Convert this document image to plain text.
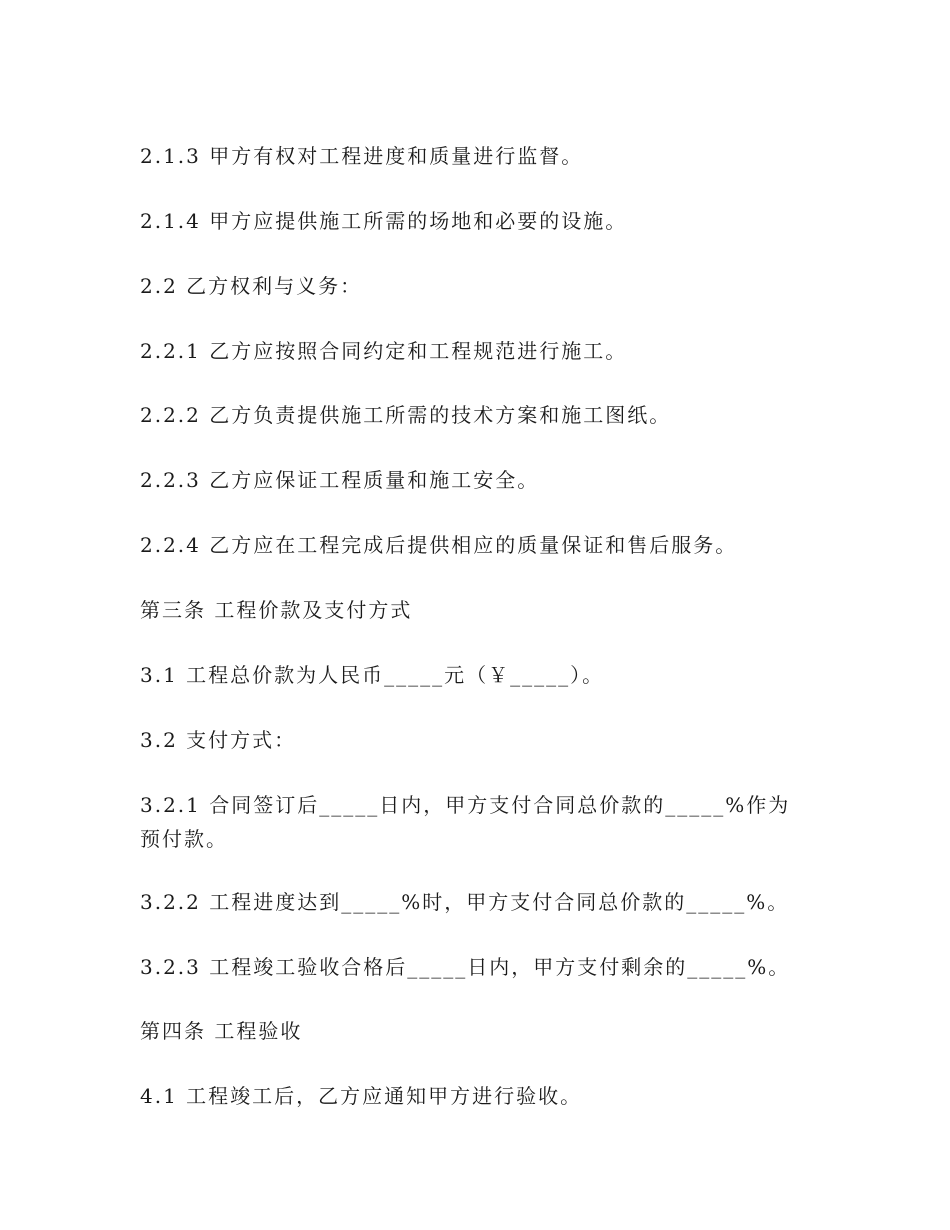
2.1.3 甲方有权对工程进度和质量进行监督。
2.1.4 甲方应提供施工所需的场地和必要的设施。
2.2 乙方权利与义务：
2.2.1 乙方应按照合同约定和工程规范进行施工。
2.2.2 乙方负责提供施工所需的技术方案和施工图纸。
2.2.3 乙方应保证工程质量和施工安全。
2.2.4 乙方应在工程完成后提供相应的质量保证和售后服务。
第三条 工程价款及支付方式
3.1 工程总价款为人民币_____元（￥_____）。
3.2 支付方式：
3.2.1 合同签订后_____日内，甲方支付合同总价款的_____%作为预付款。
3.2.2 工程进度达到_____%时，甲方支付合同总价款的_____%。
3.2.3 工程竣工验收合格后_____日内，甲方支付剩余的_____%。
第四条 工程验收
4.1 工程竣工后，乙方应通知甲方进行验收。
